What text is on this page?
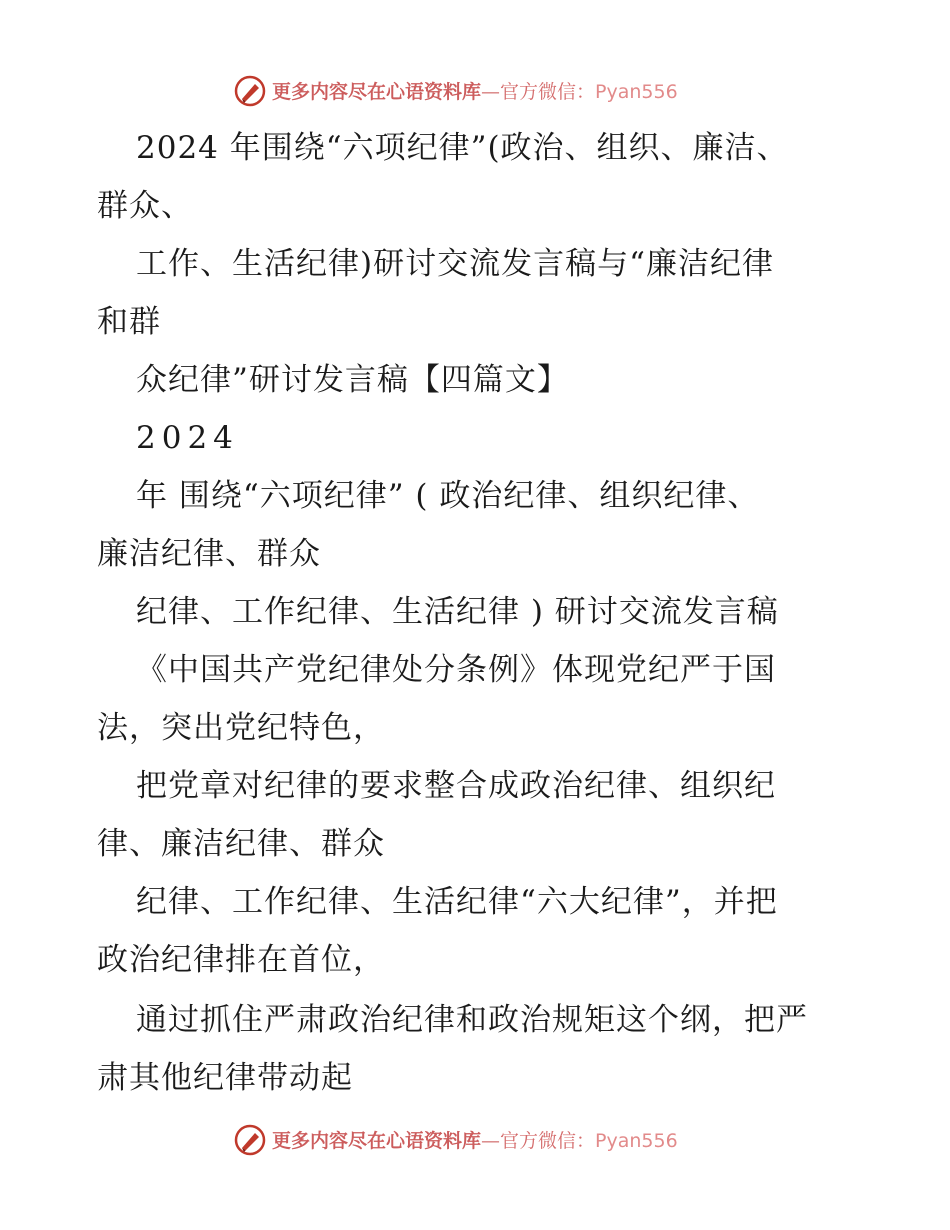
更多内容尽在心语资料库—官方微信：Pyan556
2024 年围绕“六项纪律”(政治、组织、廉洁、
群众、
工作、生活纪律)研讨交流发言稿与“廉洁纪律
和群
众纪律”研讨发言稿【四篇文】
2024
年 围绕“六项纪律” ( 政治纪律、组织纪律、
廉洁纪律、群众
纪律、工作纪律、生活纪律 ) 研讨交流发言稿
《中国共产党纪律处分条例》体现党纪严于国
法，突出党纪特色，
把党章对纪律的要求整合成政治纪律、组织纪
律、廉洁纪律、群众
纪律、工作纪律、生活纪律“六大纪律”，并把
政治纪律排在首位，
通过抓住严肃政治纪律和政治规矩这个纲，把严
肃其他纪律带动起
更多内容尽在心语资料库—官方微信：Pyan556
